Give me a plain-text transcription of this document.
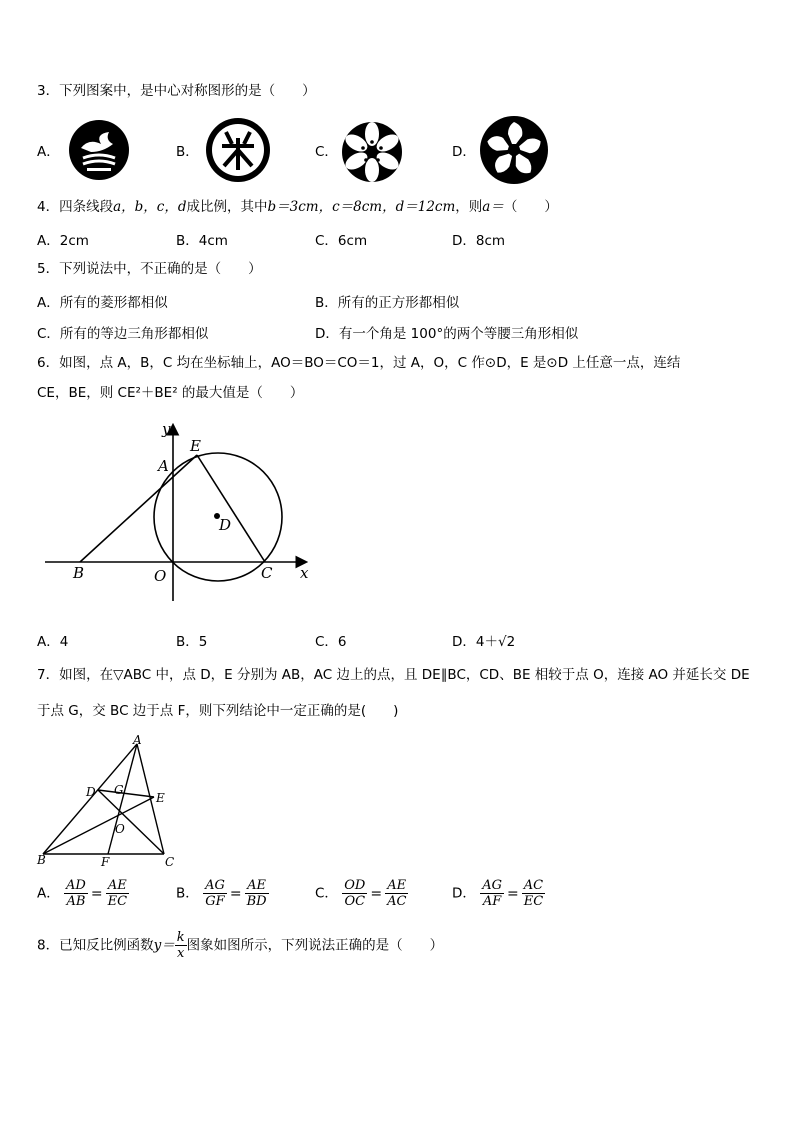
3．下列图案中，是中心对称图形的是（　　）
A．	B．	C．	D．
4．四条线段a，b，c，d成比例，其中b＝3cm，c＝8cm，d＝12cm，则a＝（　　）
A．2cm	B．4cm	C．6cm	D．8cm
5．下列说法中，不正确的是（　　）
A．所有的菱形都相似	B．所有的正方形都相似
C．所有的等边三角形都相似	D．有一个角是 100°的两个等腰三角形相似
6．如图，点 A，B，C 均在坐标轴上，AO＝BO＝CO＝1，过 A，O，C 作⊙D，E 是⊙D 上任意一点，连结
CE，BE，则 CE²＋BE² 的最大值是（　　）
y
E
A
D
B	O	C x
A．4	B．5	C．6	D．4＋√2
7．如图，在▽ABC 中，点 D，E 分别为 AB，AC 边上的点，且 DE∥BC，CD、BE 相较于点 O，连接 AO 并延长交 DE
于点 G，交 BC 边于点 F，则下列结论中一定正确的是(　　)
A
D G
E
O
B	F	C
A． $\frac{AD}{AB} = \frac{AE}{EC}$	B． $\frac{AG}{GF} = \frac{AE}{BD}$	C． $\frac{OD}{OC} = \frac{AE}{AC}$	D． $\frac{AG}{AF} = \frac{AC}{EC}$
8．已知反比例函数$y= \frac{k}{x}$ 图象如图所示，下列说法正确的是（　　）
